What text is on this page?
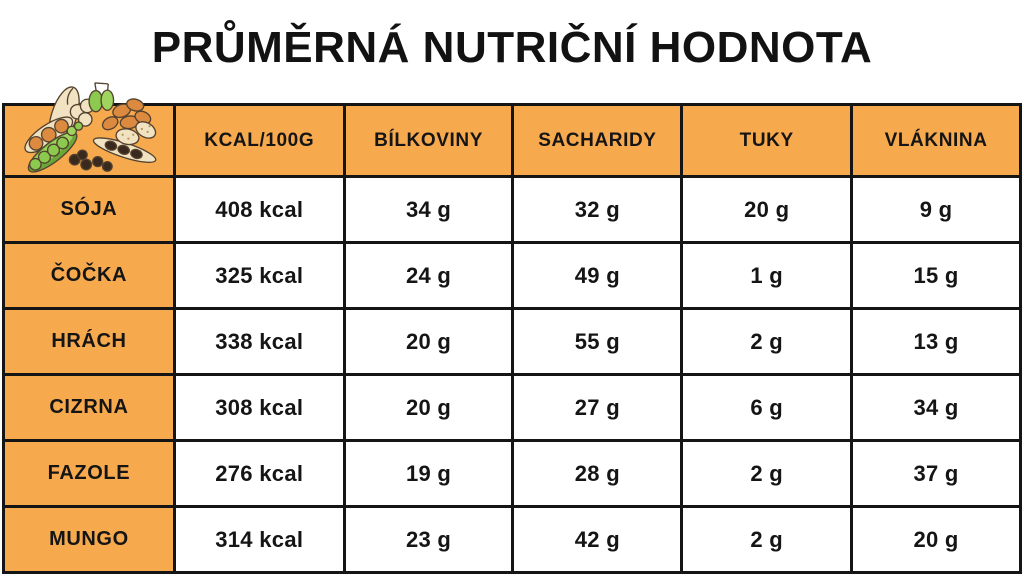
PRŮMĚRNÁ NUTRIČNÍ HODNOTA
	KCAL/100G	BÍLKOVINY	SACHARIDY	TUKY	VLÁKNINA
SÓJA	408 kcal	34 g	32 g	20 g	9 g
ČOČKA	325 kcal	24 g	49 g	1 g	15 g
HRÁCH	338 kcal	20 g	55 g	2 g	13 g
CIZRNA	308 kcal	20 g	27 g	6 g	34 g
FAZOLE	276 kcal	19 g	28 g	2 g	37 g
MUNGO	314 kcal	23 g	42 g	2 g	20 g
